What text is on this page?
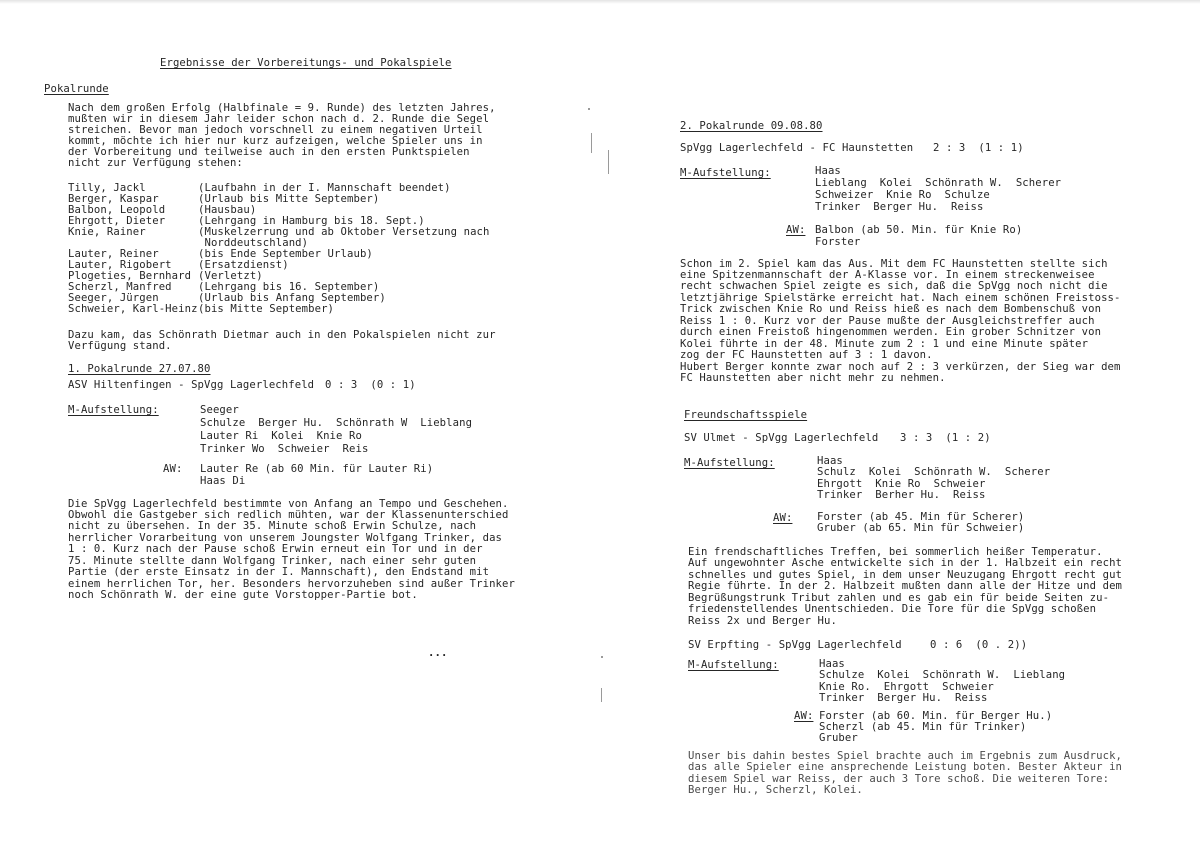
Ergebnisse der Vorbereitungs- und Pokalspiele
Pokalrunde
Nach dem großen Erfolg (Halbfinale = 9. Runde) des letzten Jahres,
mußten wir in diesem Jahr leider schon nach d. 2. Runde die Segel
streichen. Bevor man jedoch vorschnell zu einem negativen Urteil
kommt, möchte ich hier nur kurz aufzeigen, welche Spieler uns in
der Vorbereitung und teilweise auch in den ersten Punktspielen
nicht zur Verfügung stehen:
Tilly, Jackl	(Laufbahn in der I. Mannschaft beendet)
Berger, Kaspar	(Urlaub bis Mitte September)
Balbon, Leopold	(Hausbau)
Ehrgott, Dieter	(Lehrgang in Hamburg bis 18. Sept.)
Knie, Rainer	(Muskelzerrung und ab Oktober Versetzung nach
Norddeutschland)
Lauter, Reiner	(bis Ende September Urlaub)
Lauter, Rigobert (Ersatzdienst)
Plogeties, Bernhard (Verletzt)
Scherzl, Manfred (Lehrgang bis 16. September)
Seeger, Jürgen	(Urlaub bis Anfang September)
Schweier, Karl-Heinz (bis Mitte September)
Dazu kam, das Schönrath Dietmar auch in den Pokalspielen nicht zur
Verfügung stand.
1. Pokalrunde 27.07.80
ASV Hiltenfingen - SpVgg Lagerlechfeld 0 : 3  (0 : 1)
M-Aufstellung:	Seeger
Schulze  Berger Hu.  Schönrath W  Lieblang
Lauter Ri  Kolei  Knie Ro
Trinker Wo  Schweier  Reis
AW: Lauter Re (ab 60 Min. für Lauter Ri)
Haas Di
Die SpVgg Lagerlechfeld bestimmte von Anfang an Tempo und Geschehen.
Obwohl die Gastgeber sich redlich mühten, war der Klassenunterschied
nicht zu übersehen. In der 35. Minute schoß Erwin Schulze, nach
herrlicher Vorarbeitung von unserem Joungster Wolfgang Trinker, das
1 : 0. Kurz nach der Pause schoß Erwin erneut ein Tor und in der
75. Minute stellte dann Wolfgang Trinker, nach einer sehr guten
Partie (der erste Einsatz in der I. Mannschaft), den Endstand mit
einem herrlichen Tor, her. Besonders hervorzuheben sind außer Trinker
noch Schönrath W. der eine gute Vorstopper-Partie bot.
...
2. Pokalrunde 09.08.80
SpVgg Lagerlechfeld - FC Haunstetten 2 : 3  (1 : 1)
M-Aufstellung:	Haas
Lieblang  Kolei  Schönrath W.  Scherer
Schweizer  Knie Ro  Schulze
Trinker  Berger Hu.  Reiss
AW: Balbon (ab 50. Min. für Knie Ro)
Forster
Schon im 2. Spiel kam das Aus. Mit dem FC Haunstetten stellte sich
eine Spitzenmannschaft der A-Klasse vor. In einem streckenweisee
recht schwachen Spiel zeigte es sich, daß die SpVgg noch nicht die
letztjährige Spielstärke erreicht hat. Nach einem schönen Freistoss-
Trick zwischen Knie Ro und Reiss hieß es nach dem Bombenschuß von
Reiss 1 : 0. Kurz vor der Pause mußte der Ausgleichstreffer auch
durch einen Freistoß hingenommen werden. Ein grober Schnitzer von
Kolei führte in der 48. Minute zum 2 : 1 und eine Minute später
zog der FC Haunstetten auf 3 : 1 davon.
Hubert Berger konnte zwar noch auf 2 : 3 verkürzen, der Sieg war dem
FC Haunstetten aber nicht mehr zu nehmen.
Freundschaftsspiele
SV Ulmet - SpVgg Lagerlechfeld 3 : 3  (1 : 2)
M-Aufstellung:	Haas
Schulz  Kolei  Schönrath W.  Scherer
Ehrgott  Knie Ro  Schweier
Trinker  Berher Hu.  Reiss
AW: Forster (ab 45. Min für Scherer)
Gruber (ab 65. Min für Schweier)
Ein frendschaftliches Treffen, bei sommerlich heißer Temperatur.
Auf ungewohnter Asche entwickelte sich in der 1. Halbzeit ein recht
schnelles und gutes Spiel, in dem unser Neuzugang Ehrgott recht gut
Regie führte. In der 2. Halbzeit mußten dann alle der Hitze und dem
Begrüßungstrunk Tribut zahlen und es gab ein für beide Seiten zu-
friedenstellendes Unentschieden. Die Tore für die SpVgg schoßen
Reiss 2x und Berger Hu.
SV Erpfting - SpVgg Lagerlechfeld	0 : 6  (0 . 2))
M-Aufstellung:	Haas
Schulze  Kolei  Schönrath W.  Lieblang
Knie Ro.  Ehrgott  Schweier
Trinker  Berger Hu.  Reiss
AW: Forster (ab 60. Min. für Berger Hu.)
Scherzl (ab 45. Min für Trinker)
Gruber
Unser bis dahin bestes Spiel brachte auch im Ergebnis zum Ausdruck,
das alle Spieler eine ansprechende Leistung boten. Bester Akteur in
diesem Spiel war Reiss, der auch 3 Tore schoß. Die weiteren Tore:
Berger Hu., Scherzl, Kolei.
